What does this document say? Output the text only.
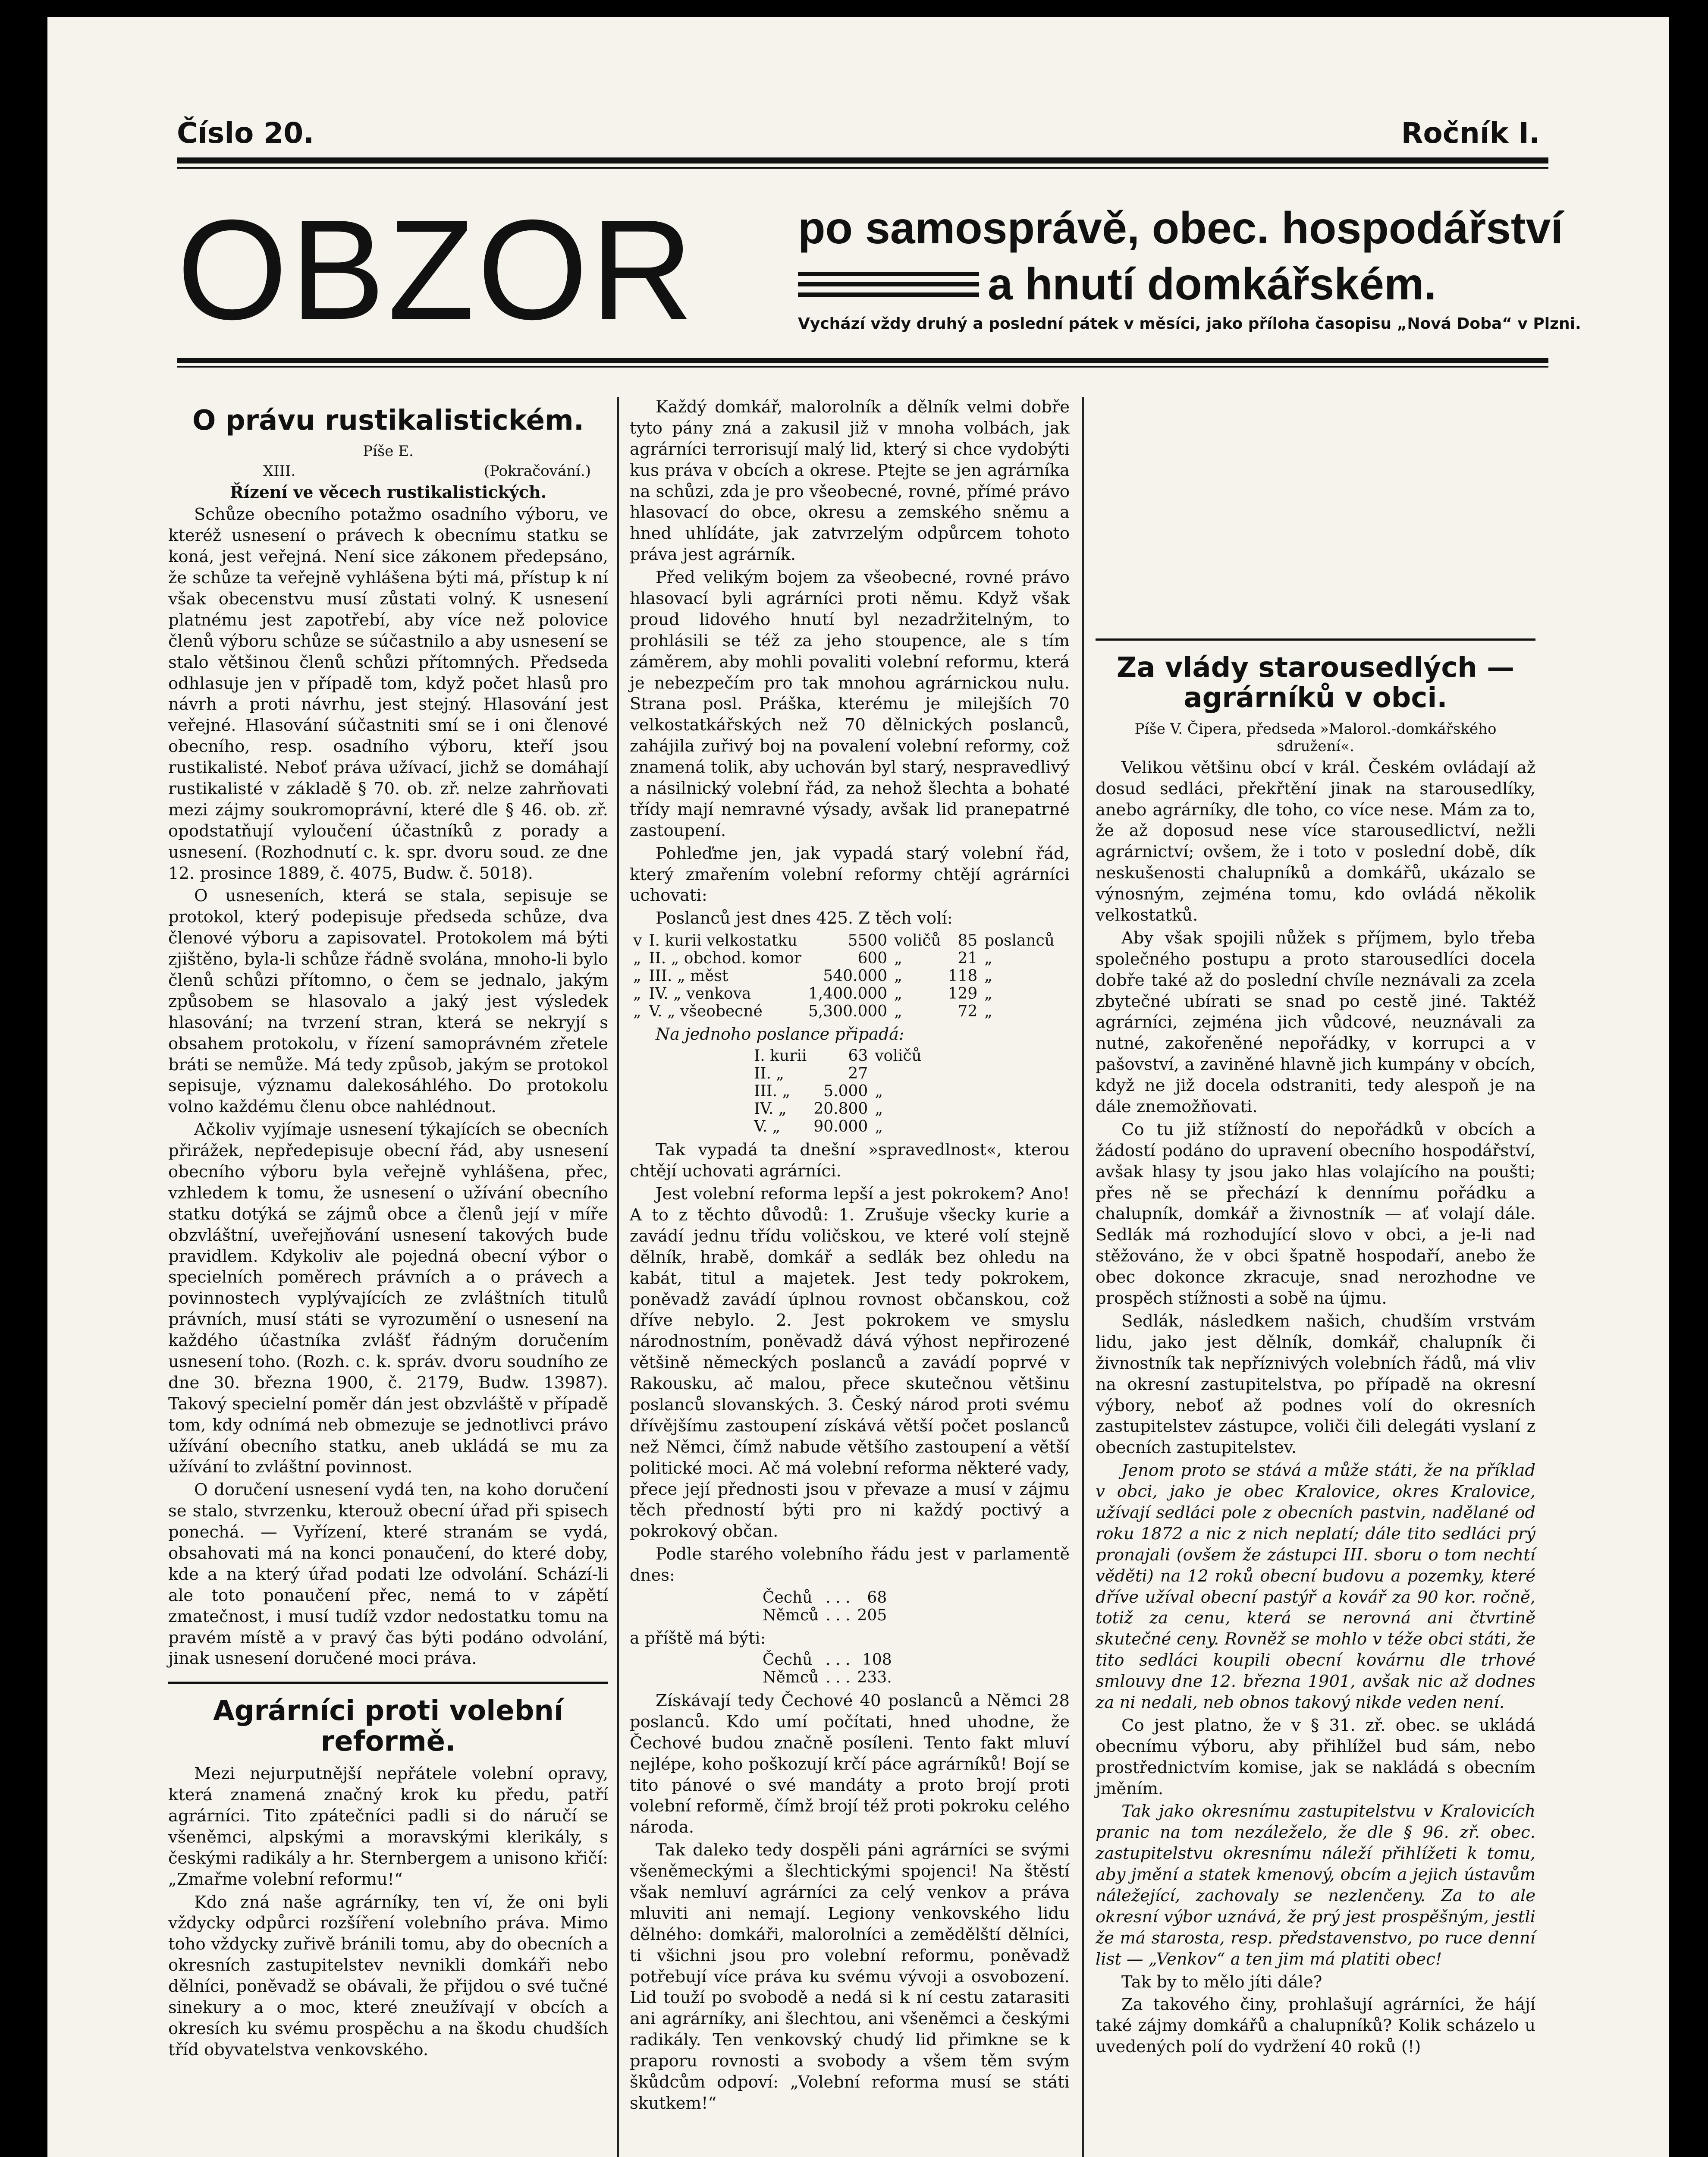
Číslo 20.	Ročník I.
OBZOR po samosprávě, obec. hospodářství
a hnutí domkářském.
Vychází vždy druhý a poslední pátek v měsíci, jako příloha časopisu „Nová Doba“ v Plzni.
O právu rustikalistickém.
Píše E.
XIII.	(Pokračování.)
Řízení ve věcech rustikalistických.

Schůze obecního potažmo osadního výboru, ve kteréž usnesení o právech k obecnímu statku se koná, jest veřejná. Není sice zákonem předepsáno, že schůze ta veřejně vyhlášena býti má, přístup k ní však obecenstvu musí zůstati volný. K usnesení platnému jest zapotřebí, aby více než polovice členů výboru schůze se súčastnilo a aby usnesení se stalo většinou členů schůzi přítomných. Předseda odhlasuje jen v případě tom, když počet hlasů pro návrh a proti návrhu, jest stejný. Hlasování jest veřejné. Hlasování súčastniti smí se i oni členové obecního, resp. osadního výboru, kteří jsou rustikalisté. Neboť práva užívací, jichž se domáhají rustikalisté v základě § 70. ob. zř. nelze zahrňovati mezi zájmy soukromoprávní, které dle § 46. ob. zř. opodstatňují vyloučení účastníků z porady a usnesení. (Rozhodnutí c. k. spr. dvoru soud. ze dne 12. prosince 1889, č. 4075, Budw. č. 5018).

O usneseních, která se stala, sepisuje se protokol, který podepisuje předseda schůze, dva členové výboru a zapisovatel. Protokolem má býti zjištěno, byla-li schůze řádně svolána, mnoho-li bylo členů schůzi přítomno, o čem se jednalo, jakým způsobem se hlasovalo a jaký jest výsledek hlasování; na tvrzení stran, která se nekryjí s obsahem protokolu, v řízení samoprávném zřetele bráti se nemůže. Má tedy způsob, jakým se protokol sepisuje, významu dalekosáhlého. Do protokolu volno každému členu obce nahlédnout.

Ačkoliv vyjímaje usnesení týkajících se obecních přirážek, nepředepisuje obecní řád, aby usnesení obecního výboru byla veřejně vyhlášena, přec, vzhledem k tomu, že usnesení o užívání obecního statku dotýká se zájmů obce a členů její v míře obzvláštní, uveřejňování usnesení takových bude pravidlem. Kdykoliv ale pojedná obecní výbor o specielních poměrech právních a o právech a povinnostech vyplývajících ze zvláštních titulů právních, musí státi se vyrozumění o usnesení na každého účastníka zvlášť řádným doručením usnesení toho. (Rozh. c. k. správ. dvoru soudního ze dne 30. března 1900, č. 2179, Budw. 13987). Takový specielní poměr dán jest obzvláště v případě tom, kdy odnímá neb obmezuje se jednotlivci právo užívání obecního statku, aneb ukládá se mu za užívání to zvláštní povinnost.

O doručení usnesení vydá ten, na koho doručení se stalo, stvrzenku, kterouž obecní úřad při spisech ponechá. — Vyřízení, které stranám se vydá, obsahovati má na konci ponaučení, do které doby, kde a na který úřad podati lze odvolání. Schází-li ale toto ponaučení přec, nemá to v zápětí zmatečnost, i musí tudíž vzdor nedostatku tomu na pravém místě a v pravý čas býti podáno odvolání, jinak usnesení doručené moci práva.

Agrárníci proti volební reformě.

Mezi nejurputnější nepřátele volební opravy, která znamená značný krok ku předu, patří agrárníci. Tito zpátečníci padli si do náručí se všeněmci, alpskými a moravskými klerikály, s českými radikály a hr. Sternbergem a unisono křičí: „Zmařme volební reformu!“

Kdo zná naše agrárníky, ten ví, že oni byli vždycky odpůrci rozšíření volebního práva. Mimo toho vždycky zuřivě bránili tomu, aby do obecních a okresních zastupitelstev nevnikli domkáři nebo dělníci, poněvadž se obávali, že přijdou o své tučné sinekury a o moc, které zneužívají v obcích a okresích ku svému prospěchu a na škodu chudších tříd obyvatelstva venkovského.

Každý domkář, malorolník a dělník velmi dobře tyto pány zná a zakusil již v mnoha volbách, jak agrárníci terrorisují malý lid, který si chce vydobýti kus práva v obcích a okrese. Ptejte se jen agrárníka na schůzi, zda je pro všeobecné, rovné, přímé právo hlasovací do obce, okresu a zemského sněmu a hned uhlídáte, jak zatvrzelým odpůrcem tohoto práva jest agrárník.

Před velikým bojem za všeobecné, rovné právo hlasovací byli agrárníci proti němu. Když však proud lidového hnutí byl nezadržitelným, to prohlásili se též za jeho stoupence, ale s tím záměrem, aby mohli povaliti volební reformu, která je nebezpečím pro tak mnohou agrárnickou nulu. Strana posl. Práška, kterému je milejších 70 velkostatkářských než 70 dělnických poslanců, zahájila zuřivý boj na povalení volební reformy, což znamená tolik, aby uchován byl starý, nespravedlivý a násilnický volební řád, za nehož šlechta a bohaté třídy mají nemravné výsady, avšak lid pranepatrné zastoupení.

Pohleďme jen, jak vypadá starý volební řád, který zmařením volební reformy chtějí agrárníci uchovati:

Poslanců jest dnes 425. Z těch volí:

v	I. kurii velkostatku	5500	voličů	85	poslanců
„	II. „ obchod. komor	600	„	21	„
„	III. „ měst	540.000	„	118	„
„	IV. „ venkova	1,400.000	„	129	„
„	V. „ všeobecné	5,300.000	„	72	„
Na jednoho poslance připadá:
I. kurii	63	voličů
II. „	27	
III. „	5.000	„
IV. „	20.800	„
V. „	90.000	„

Tak vypadá ta dnešní »spravedlnost«, kterou chtějí uchovati agrárníci.

Jest volební reforma lepší a jest pokrokem? Ano! A to z těchto důvodů: 1. Zrušuje všecky kurie a zavádí jednu třídu voličskou, ve které volí stejně dělník, hrabě, domkář a sedlák bez ohledu na kabát, titul a majetek. Jest tedy pokrokem, poněvadž zavádí úplnou rovnost občanskou, což dříve nebylo. 2. Jest pokrokem ve smyslu národnostním, poněvadž dává výhost nepřirozené většině německých poslanců a zavádí poprvé v Rakousku, ač malou, přece skutečnou většinu poslanců slovanských. 3. Český národ proti svému dřívějšímu zastoupení získává větší počet poslanců než Němci, čímž nabude většího zastoupení a větší politické moci. Ač má volební reforma některé vady, přece její přednosti jsou v převaze a musí v zájmu těch předností býti pro ni každý poctivý a pokrokový občan.

Podle starého volebního řádu jest v parlamentě dnes:

Čechů	. . .	68
Němců	. . .	205
a příště má býti:
Čechů	. . .	108
Němců	. . .	233.

Získávají tedy Čechové 40 poslanců a Němci 28 poslanců. Kdo umí počítati, hned uhodne, že Čechové budou značně posíleni. Tento fakt mluví nejlépe, koho poškozují krčí páce agrárníků! Bojí se tito pánové o své mandáty a proto brojí proti volební reformě, čímž brojí též proti pokroku celého národa.

Tak daleko tedy dospěli páni agrárníci se svými všeněmeckými a šlechtickými spojenci! Na štěstí však nemluví agrárníci za celý venkov a práva mluviti ani nemají. Legiony venkovského lidu dělného: domkáři, malorolníci a zemědělští dělníci, ti všichni jsou pro volební reformu, poněvadž potřebují více práva ku svému vývoji a osvobození. Lid touží po svobodě a nedá si k ní cestu zatarasiti ani agrárníky, ani šlechtou, ani všeněmci a českými radikály. Ten venkovský chudý lid přimkne se k praporu rovnosti a svobody a všem těm svým škůdcům odpoví: „Volební reforma musí se státi skutkem!“

Za vlády starousedlých — agrárníků v obci.
Píše V. Čipera, předseda »Malorol.-domkářského sdružení«.

Velikou většinu obcí v král. Českém ovládají až dosud sedláci, překřtění jinak na starousedlíky, anebo agrárníky, dle toho, co více nese. Mám za to, že až doposud nese více starousedlictví, nežli agrárnictví; ovšem, že i toto v poslední době, dík neskušenosti chalupníků a domkářů, ukázalo se výnosným, zejména tomu, kdo ovládá několik velkostatků.

Aby však spojili nůžek s příjmem, bylo třeba společného postupu a proto starousedlíci docela dobře také až do poslední chvíle neznávali za zcela zbytečné ubírati se snad po cestě jiné. Taktéž agrárníci, zejména jich vůdcové, neuznávali za nutné, zakořeněné nepořádky, v korrupci a v pašovství, a zaviněné hlavně jich kumpány v obcích, když ne již docela odstraniti, tedy alespoň je na dále znemožňovati.

Co tu již stížností do nepořádků v obcích a žádostí podáno do upravení obecního hospodářství, avšak hlasy ty jsou jako hlas volajícího na poušti; přes ně se přechází k dennímu pořádku a chalupník, domkář a živnostník — ať volají dále. Sedlák má rozhodující slovo v obci, a je-li nad stěžováno, že v obci špatně hospodaří, anebo že obec dokonce zkracuje, snad nerozhodne ve prospěch stížnosti a sobě na újmu.

Sedlák, následkem našich, chudším vrstvám lidu, jako jest dělník, domkář, chalupník či živnostník tak nepříznivých volebních řádů, má vliv na okresní zastupitelstva, po případě na okresní výbory, neboť až podnes volí do okresních zastupitelstev zástupce, voliči čili delegáti vyslaní z obecních zastupitelstev.

Jenom proto se stává a může státi, že na příklad v obci, jako je obec Kralovice, okres Kralovice, užívají sedláci pole z obecních pastvin, nadělané od roku 1872 a nic z nich neplatí; dále tito sedláci prý pronajali (ovšem že zástupci III. sboru o tom nechtí věděti) na 12 roků obecní budovu a pozemky, které dříve užíval obecní pastýř a kovář za 90 kor. ročně, totiž za cenu, která se nerovná ani čtvrtině skutečné ceny. Rovněž se mohlo v téže obci státi, že tito sedláci koupili obecní kovárnu dle trhové smlouvy dne 12. března 1901, avšak nic až dodnes za ni nedali, neb obnos takový nikde veden není.

Co jest platno, že v § 31. zř. obec. se ukládá obecnímu výboru, aby přihlížel bud sám, nebo prostřednictvím komise, jak se nakládá s obecním jměním.

Tak jako okresnímu zastupitelstvu v Kralovicích pranic na tom nezáleželo, že dle § 96. zř. obec. zastupitelstvu okresnímu náleží přihlížeti k tomu, aby jmění a statek kmenový, obcím a jejich ústavům náležející, zachovaly se nezlenčeny. Za to ale okresní výbor uznává, že prý jest prospěšným, jestli že má starosta, resp. představenstvo, po ruce denní list — „Venkov“ a ten jim má platiti obec!

Tak by to mělo jíti dále?

Za takového činy, prohlašují agrárníci, že hájí také zájmy domkářů a chalupníků? Kolik scházelo u uvedených polí do vydržení 40 roků (!)
